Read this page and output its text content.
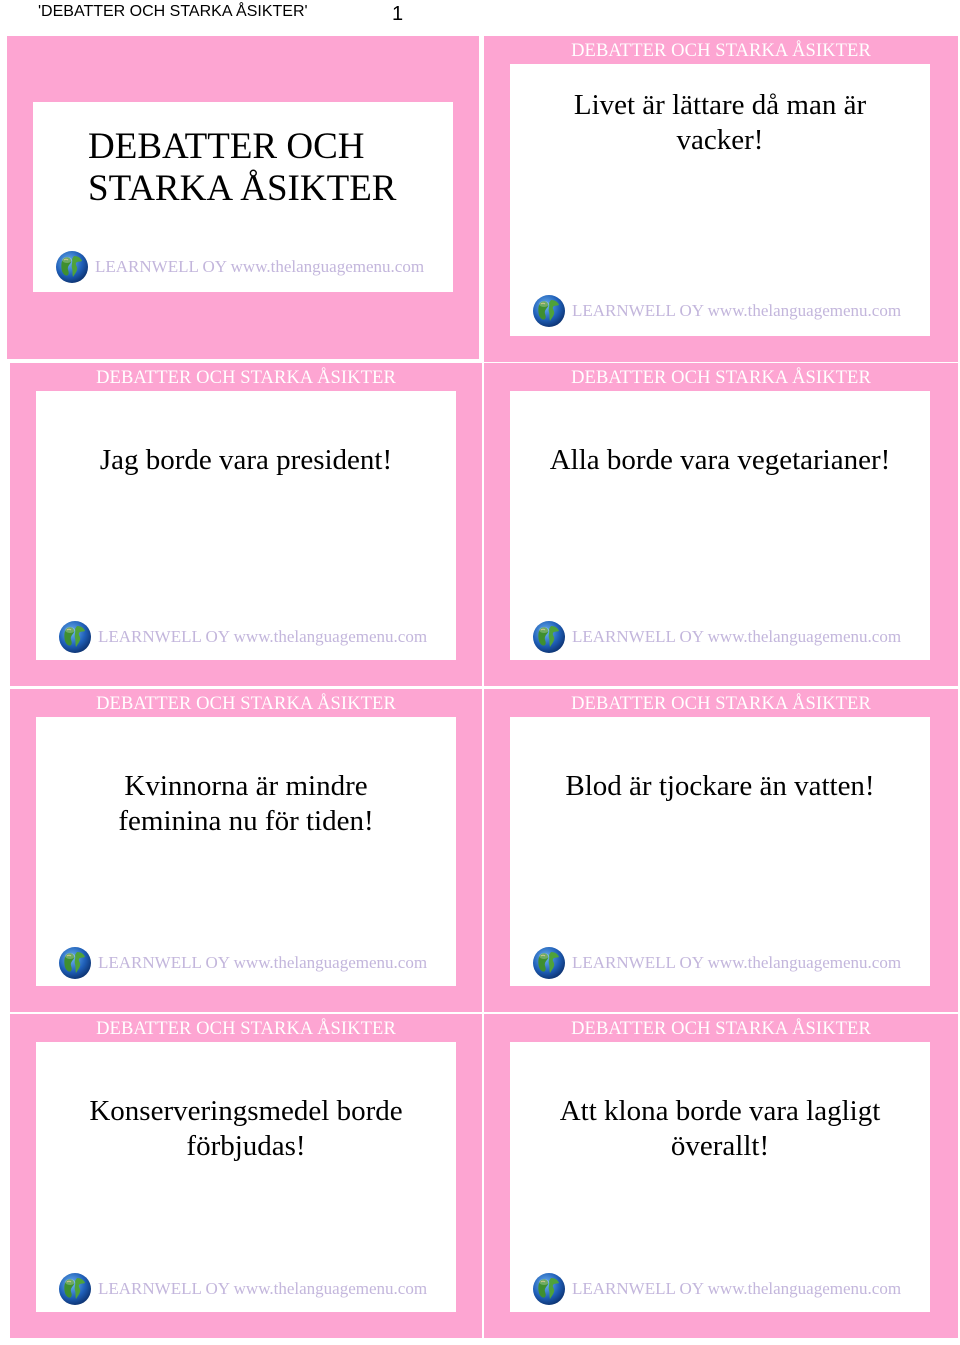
'DEBATTER OCH STARKA ÅSIKTER'	1
DEBATTER OCH
STARKA ÅSIKTER
LEARNWELL OY www.thelanguagemenu.com
DEBATTER OCH STARKA ÅSIKTER
Livet är lättare då man är
vacker!
LEARNWELL OY www.thelanguagemenu.com
DEBATTER OCH STARKA ÅSIKTER
Jag borde vara president!
LEARNWELL OY www.thelanguagemenu.com
DEBATTER OCH STARKA ÅSIKTER
Alla borde vara vegetarianer!
LEARNWELL OY www.thelanguagemenu.com
DEBATTER OCH STARKA ÅSIKTER
Kvinnorna är mindre
feminina nu för tiden!
LEARNWELL OY www.thelanguagemenu.com
DEBATTER OCH STARKA ÅSIKTER
Blod är tjockare än vatten!
LEARNWELL OY www.thelanguagemenu.com
DEBATTER OCH STARKA ÅSIKTER
Konserveringsmedel borde
förbjudas!
LEARNWELL OY www.thelanguagemenu.com
DEBATTER OCH STARKA ÅSIKTER
Att klona borde vara lagligt
överallt!
LEARNWELL OY www.thelanguagemenu.com
